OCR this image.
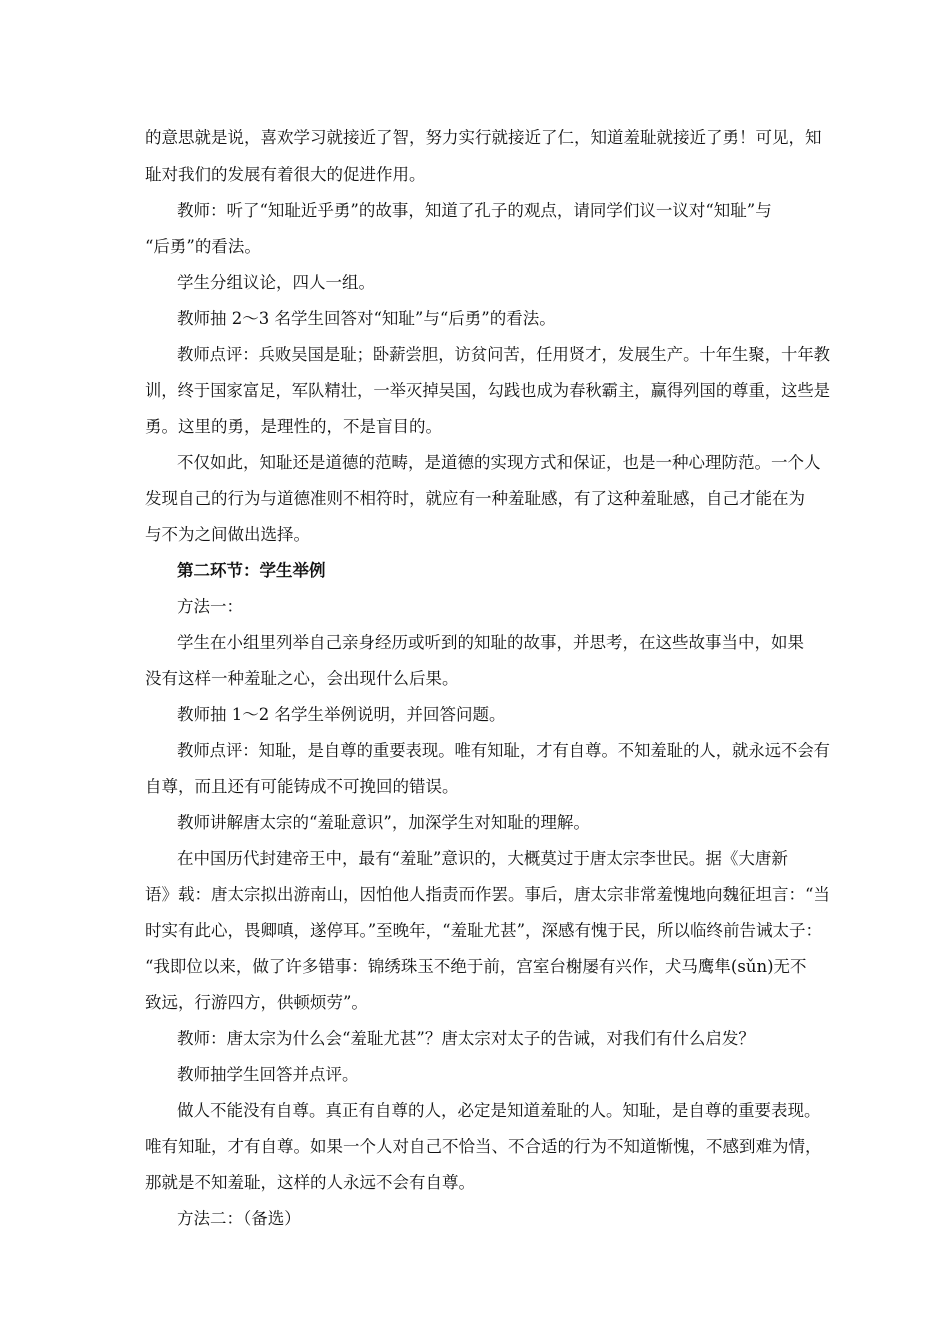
的意思就是说，喜欢学习就接近了智，努力实行就接近了仁，知道羞耻就接近了勇！可见，知
耻对我们的发展有着很大的促进作用。
教师：听了“知耻近乎勇”的故事，知道了孔子的观点，请同学们议一议对“知耻”与
“后勇”的看法。
学生分组议论，四人一组。
教师抽 2～3 名学生回答对“知耻”与“后勇”的看法。
教师点评：兵败吴国是耻；卧薪尝胆，访贫问苦，任用贤才，发展生产。十年生聚，十年教
训，终于国家富足，军队精壮，一举灭掉吴国，勾践也成为春秋霸主，赢得列国的尊重，这些是
勇。这里的勇，是理性的，不是盲目的。
不仅如此，知耻还是道德的范畴，是道德的实现方式和保证，也是一种心理防范。一个人
发现自己的行为与道德准则不相符时，就应有一种羞耻感，有了这种羞耻感，自己才能在为
与不为之间做出选择。
第二环节：学生举例
方法一：
学生在小组里列举自己亲身经历或听到的知耻的故事，并思考，在这些故事当中，如果
没有这样一种羞耻之心，会出现什么后果。
教师抽 1～2 名学生举例说明，并回答问题。
教师点评：知耻，是自尊的重要表现。唯有知耻，才有自尊。不知羞耻的人，就永远不会有
自尊，而且还有可能铸成不可挽回的错误。
教师讲解唐太宗的“羞耻意识”，加深学生对知耻的理解。
在中国历代封建帝王中，最有“羞耻”意识的，大概莫过于唐太宗李世民。据《大唐新
语》载：唐太宗拟出游南山，因怕他人指责而作罢。事后，唐太宗非常羞愧地向魏征坦言：“当
时实有此心，畏卿嗔，遂停耳。”至晚年，“羞耻尤甚”，深感有愧于民，所以临终前告诫太子：
“我即位以来，做了许多错事：锦绣珠玉不绝于前，宫室台榭屡有兴作，犬马鹰隼(sǔn)无不
致远，行游四方，供顿烦劳”。
教师：唐太宗为什么会“羞耻尤甚”？唐太宗对太子的告诫，对我们有什么启发？
教师抽学生回答并点评。
做人不能没有自尊。真正有自尊的人，必定是知道羞耻的人。知耻，是自尊的重要表现。
唯有知耻，才有自尊。如果一个人对自己不恰当、不合适的行为不知道惭愧，不感到难为情，
那就是不知羞耻，这样的人永远不会有自尊。
方法二：（备选）
